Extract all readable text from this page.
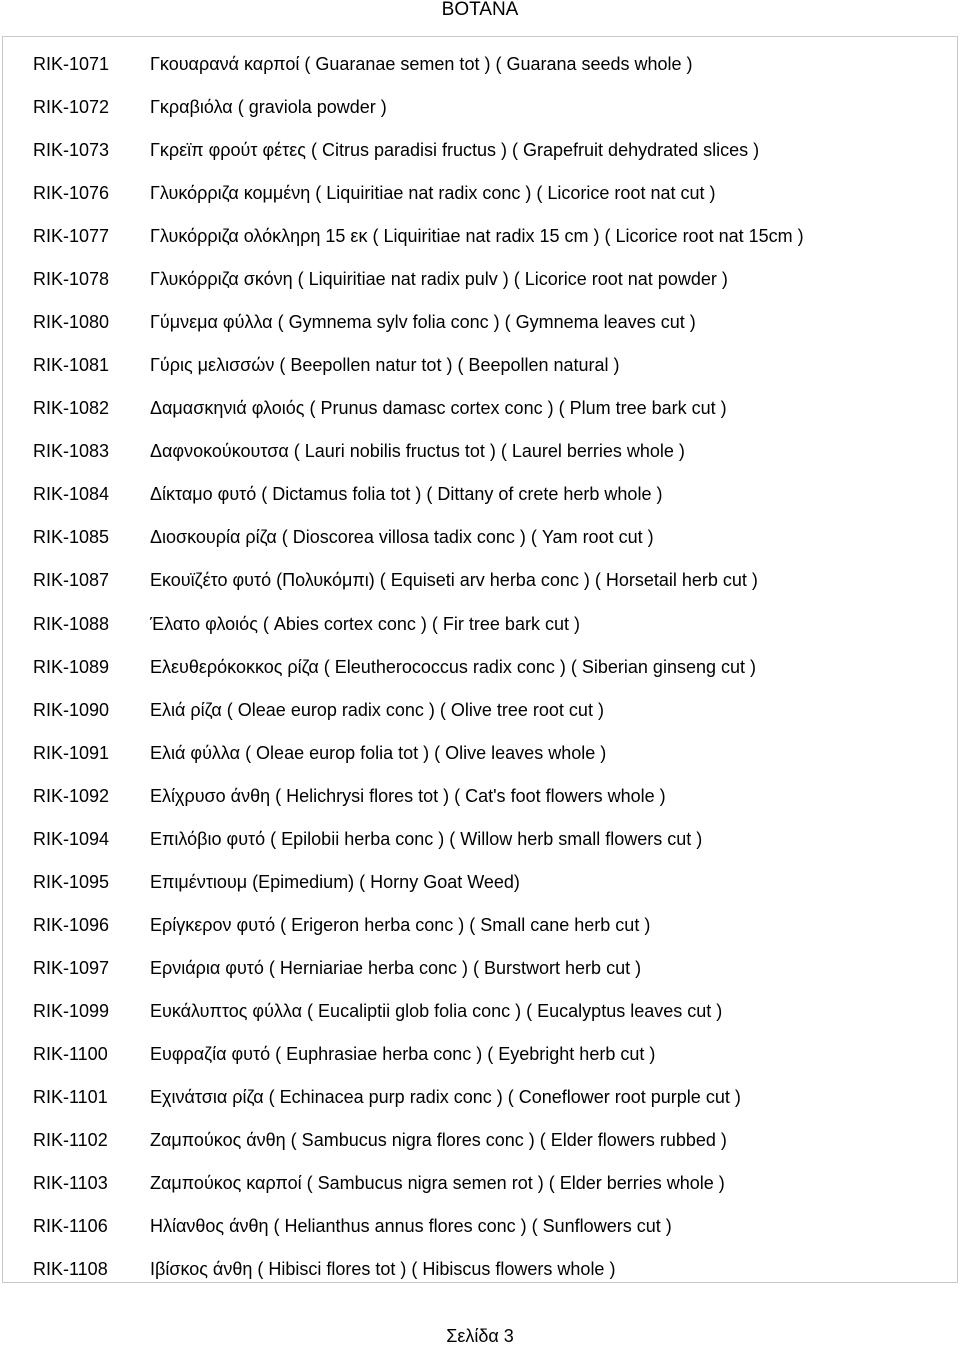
BOTANA
RIK-1071 Γκουαρανά καρποί ( Guaranae semen tot ) ( Guarana seeds whole )
RIK-1072 Γκραβιόλα ( graviola powder )
RIK-1073 Γκρεϊπ φρούτ φέτες ( Citrus paradisi fructus ) ( Grapefruit dehydrated slices )
RIK-1076 Γλυκόρριζα κομμένη ( Liquiritiae nat radix conc ) ( Licorice root nat cut )
RIK-1077 Γλυκόρριζα ολόκληρη 15 εκ ( Liquiritiae nat radix 15 cm ) ( Licorice root nat 15cm )
RIK-1078 Γλυκόρριζα σκόνη ( Liquiritiae nat radix pulv ) ( Licorice root nat powder )
RIK-1080 Γύμνεμα φύλλα ( Gymnema sylv folia conc ) ( Gymnema leaves cut )
RIK-1081 Γύρις μελισσών ( Beepollen natur tot ) ( Beepollen natural )
RIK-1082 Δαμασκηνιά φλοιός ( Prunus damasc cortex conc ) ( Plum tree bark cut )
RIK-1083 Δαφνοκούκουτσα ( Lauri nobilis fructus tot ) ( Laurel berries whole )
RIK-1084 Δίκταμο φυτό ( Dictamus folia tot ) ( Dittany of crete herb whole )
RIK-1085 Διοσκουρία ρίζα ( Dioscorea villosa tadix conc ) ( Yam root cut )
RIK-1087 Εκουϊζέτο φυτό (Πολυκόμπι) ( Equiseti arv herba conc ) ( Horsetail herb cut )
RIK-1088 Έλατο φλοιός ( Abies cortex conc ) ( Fir tree bark cut )
RIK-1089 Ελευθερόκοκκος ρίζα ( Eleutherococcus radix conc ) ( Siberian ginseng cut )
RIK-1090 Ελιά ρίζα ( Oleae europ radix conc ) ( Olive tree root cut )
RIK-1091 Ελιά φύλλα ( Oleae europ folia tot ) ( Olive leaves whole )
RIK-1092 Ελίχρυσο άνθη ( Helichrysi flores tot ) ( Cat's foot flowers whole )
RIK-1094 Επιλόβιο φυτό ( Epilobii herba conc ) ( Willow herb small flowers cut )
RIK-1095 Επιμέντιουμ (Epimedium) ( Horny Goat Weed)
RIK-1096 Ερίγκερον φυτό ( Erigeron herba conc ) ( Small cane herb cut )
RIK-1097 Ερνιάρια φυτό ( Herniariae herba conc ) ( Burstwort herb cut )
RIK-1099 Ευκάλυπτος φύλλα ( Eucaliptii glob folia conc ) ( Eucalyptus leaves cut )
RIK-1100 Ευφραζία φυτό ( Euphrasiae herba conc ) ( Eyebright herb cut )
RIK-1101 Εχινάτσια ρίζα ( Echinacea purp radix conc ) ( Coneflower root purple cut )
RIK-1102 Ζαμπούκος άνθη ( Sambucus nigra flores conc ) ( Elder flowers rubbed )
RIK-1103 Ζαμπούκος καρποί ( Sambucus nigra semen rot ) ( Elder berries whole )
RIK-1106 Ηλίανθος άνθη ( Helianthus annus flores conc ) ( Sunflowers cut )
RIK-1108 Ιβίσκος άνθη ( Hibisci flores tot ) ( Hibiscus flowers whole )
Σελίδα 3
